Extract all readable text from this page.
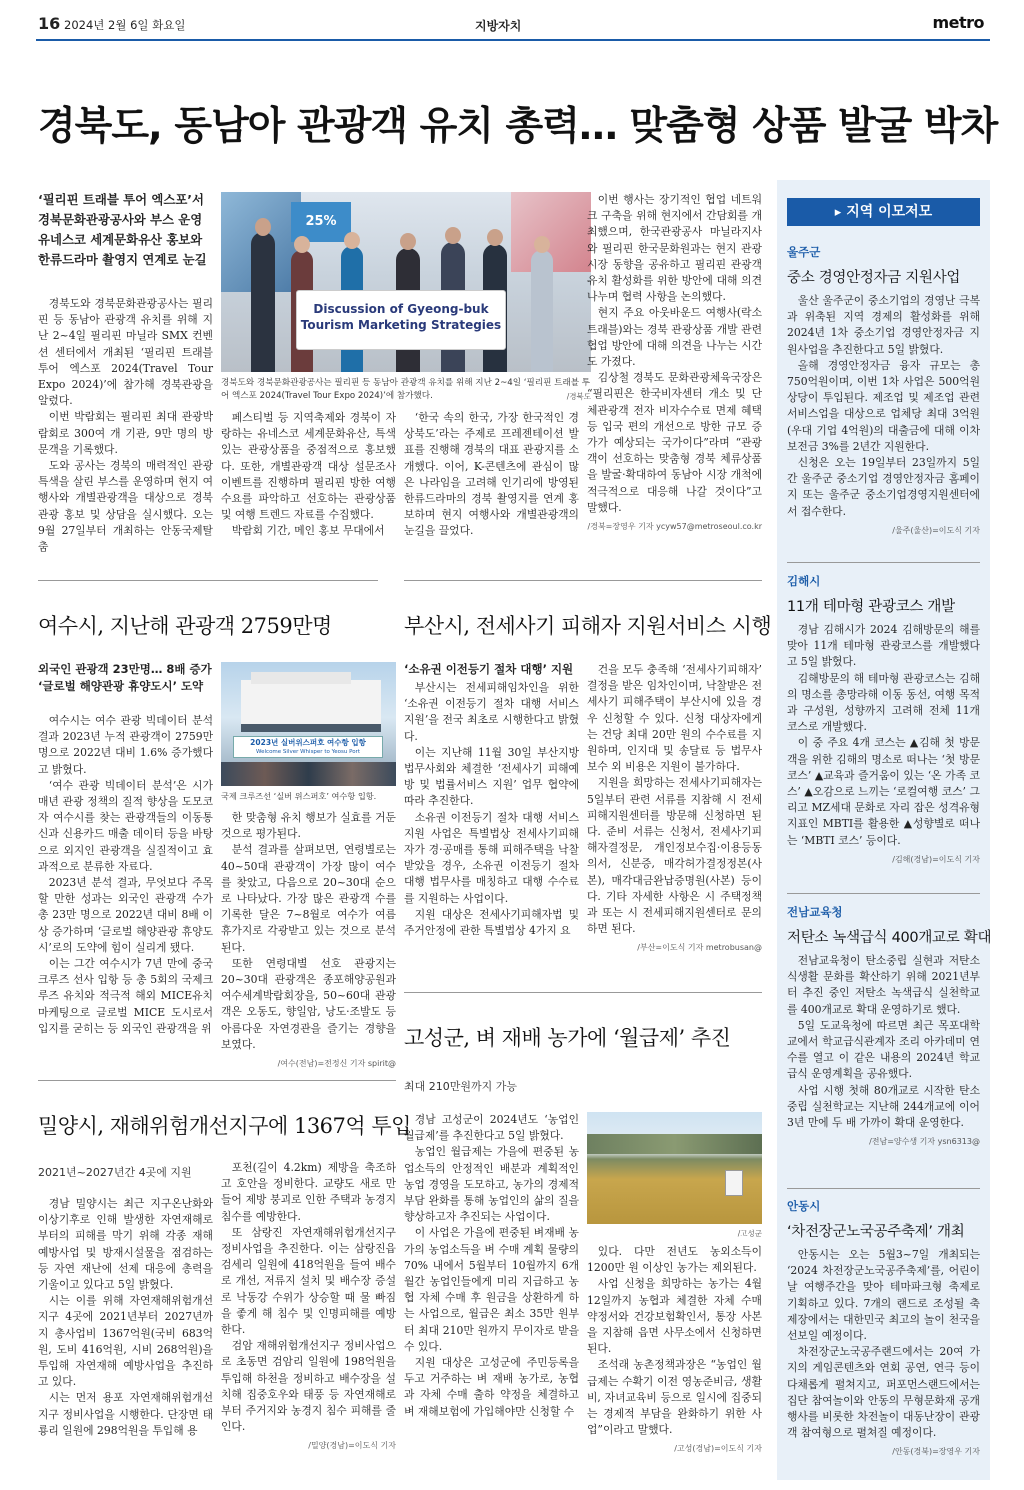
16 2024년 2월 6일 화요일	지방자치	metro
경북도, 동남아 관광객 유치 총력… 맞춤형 상품 발굴 박차
‘필리핀 트래블 투어 엑스포’서
경북문화관광공사와 부스 운영
유네스코 세계문화유산 홍보와
한류드라마 촬영지 연계로 눈길
25%
Discussion of Gyeong-buk
Tourism Marketing Strategies
경북도와 경북문화관광공사는 필리핀 등 동남아 관광객 유치를 위해 지난 2~4일 ‘필리핀 트래블 투어 엑스포 2024(Travel Tour Expo 2024)’에 참가했다.	/경북도

경북도와 경북문화관광공사는 필리핀 등 동남아 관광객 유치를 위해 지난 2~4일 필리핀 마닐라 SMX 컨벤션 센터에서 개최된 ‘필리핀 트래블 투어 엑스포 2024(Travel Tour Expo 2024)’에 참가해 경북관광을 알렸다.

이번 박람회는 필리핀 최대 관광박람회로 300여 개 기관, 9만 명의 방문객을 기록했다.

도와 공사는 경북의 매력적인 관광특색을 살린 부스를 운영하며 현지 여행사와 개별관광객을 대상으로 경북관광 홍보 및 상담을 실시했다. 오는 9월 27일부터 개최하는 안동국제탈춤

페스티벌 등 지역축제와 경북이 자랑하는 유네스코 세계문화유산, 특색있는 관광상품을 중점적으로 홍보했다. 또한, 개별관광객 대상 설문조사 이벤트를 진행하며 필리핀 방한 여행 수요를 파악하고 선호하는 관광상품 및 여행 트렌드 자료를 수집했다.

박람회 기간, 메인 홍보 무대에서

‘한국 속의 한국, 가장 한국적인 경상북도’라는 주제로 프레젠테이션 발표를 진행해 경북의 대표 관광지를 소개했다. 이어, K-콘텐츠에 관심이 많은 나라임을 고려해 인기리에 방영된 한류드라마의 경북 촬영지를 연계 홍보하며 현지 여행사와 개별관광객의 눈길을 끌었다.

이번 행사는 장기적인 협업 네트워크 구축을 위해 현지에서 간담회를 개최했으며, 한국관광공사 마닐라지사와 필리핀 한국문화원과는 현지 관광시장 동향을 공유하고 필리핀 관광객 유치 활성화를 위한 방안에 대해 의견 나누며 협력 사항을 논의했다.

현지 주요 아웃바운드 여행사(락소 트래블)와는 경북 관광상품 개발 관련 협업 방안에 대해 의견을 나누는 시간도 가졌다.

김상철 경북도 문화관광체육국장은 “필리핀은 한국비자센터 개소 및 단체관광객 전자 비자수수료 면제 혜택 등 입국 편의 개선으로 방한 규모 증가가 예상되는 국가이다”라며 “관광객이 선호하는 맞춤형 경북 체류상품을 발굴·확대하여 동남아 시장 개척에 적극적으로 대응해 나갈 것이다”고 말했다.

/경북=장영우 기자 ycyw57@metroseoul.co.kr

여수시, 지난해 관광객 2759만명
외국인 관광객 23만명… 8배 증가
‘글로벌 해양관광 휴양도시’ 도약

여수시는 여수 관광 빅데이터 분석 결과 2023년 누적 관광객이 2759만 명으로 2022년 대비 1.6% 증가했다고 밝혔다.

‘여수 관광 빅데이터 분석’은 시가 매년 관광 정책의 질적 향상을 도모코자 여수시를 찾는 관광객들의 이동통신과 신용카드 매출 데이터 등을 바탕으로 외지인 관광객을 실질적이고 효과적으로 분류한 자료다.

2023년 분석 결과, 무엇보다 주목할 만한 성과는 외국인 관광객 수가 총 23만 명으로 2022년 대비 8배 이상 증가하며 ‘글로벌 해양관광 휴양도시’로의 도약에 힘이 실리게 됐다.

이는 그간 여수시가 7년 만에 중국 크루즈 선사 입항 등 총 5회의 국제크루즈 유치와 적극적 해외 MICE유치 마케팅으로 글로벌 MICE 도시로서 입지를 굳히는 등 외국인 관광객을 위

2023년 실버위스퍼호 여수항 입항
Welcome Silver Whisper to Yeosu Port
국제 크루즈선 ‘실버 위스퍼호’ 여수항 입항.

한 맞춤형 유치 행보가 실효를 거둔 것으로 평가된다.

분석 결과를 살펴보면, 연령별로는 40~50대 관광객이 가장 많이 여수를 찾았고, 다음으로 20~30대 순으로 나타났다. 가장 많은 관광객 수를 기록한 달은 7~8월로 여수가 여름 휴가지로 각광받고 있는 것으로 분석된다.

또한 연령대별 선호 관광지는 20~30대 관광객은 종포해양공원과 여수세계박람회장을, 50~60대 관광객은 오동도, 향일암, 낭도·조발도 등 아름다운 자연경관을 즐기는 경향을 보였다.

/여수(전남)=전정신 기자 spirit@

부산시, 전세사기 피해자 지원서비스 시행
‘소유권 이전등기 절차 대행’ 지원

부산시는 전세피해임차인을 위한 ‘소유권 이전등기 절차 대행 서비스 지원’을 전국 최초로 시행한다고 밝혔다.

이는 지난해 11월 30일 부산지방법무사회와 체결한 ‘전세사기 피해예방 및 법률서비스 지원’ 업무 협약에 따라 추진한다.

소유권 이전등기 절차 대행 서비스 지원 사업은 특별법상 전세사기피해자가 경·공매를 통해 피해주택을 낙찰받았을 경우, 소유권 이전등기 절차 대행 법무사를 매칭하고 대행 수수료를 지원하는 사업이다.

지원 대상은 전세사기피해자법 및 주거안정에 관한 특별법상 4가지 요

건을 모두 충족해 ‘전세사기피해자’ 결정을 받은 임차인이며, 낙찰받은 전세사기 피해주택이 부산시에 있을 경우 신청할 수 있다. 신청 대상자에게는 건당 최대 20만 원의 수수료를 지원하며, 인지대 및 송달료 등 법무사 보수 외 비용은 지원이 불가하다.

지원을 희망하는 전세사기피해자는 5일부터 관련 서류를 지참해 시 전세피해지원센터를 방문해 신청하면 된다. 준비 서류는 신청서, 전세사기피해자결정문, 개인정보수집·이용등동의서, 신분증, 매각허가결정정본(사본), 매각대금완납증명원(사본) 등이다. 기타 자세한 사항은 시 주택정책과 또는 시 전세피해지원센터로 문의하면 된다.

/부산=이도식 기자 metrobusan@

고성군, 벼 재배 농가에 ‘월급제’ 추진
최대 210만원까지 가능

경남 고성군이 2024년도 ‘농업인 월급제’를 추진한다고 5일 밝혔다.

농업인 월급제는 가을에 편중된 농업소득의 안정적인 배분과 계획적인 농업 경영을 도모하고, 농가의 경제적 부담 완화를 통해 농업인의 삶의 질을 향상하고자 추진되는 사업이다.

이 사업은 가을에 편중된 벼재배 농가의 농업소득을 벼 수매 계획 물량의 70% 내에서 5월부터 10월까지 6개월간 농업인들에게 미리 지급하고 농협 자체 수매 후 원금을 상환하게 하는 사업으로, 월급은 최소 35만 원부터 최대 210만 원까지 무이자로 받을 수 있다.

지원 대상은 고성군에 주민등록을 두고 거주하는 벼 재배 농가로, 농협과 자체 수매 출하 약정을 체결하고 벼 재해보험에 가입해야만 신청할 수

/고성군

있다. 다만 전년도 농외소득이 1200만 원 이상인 농가는 제외된다.

사업 신청을 희망하는 농가는 4월 12일까지 농협과 체결한 자체 수매 약정서와 건강보험확인서, 통장 사본을 지참해 읍면 사무소에서 신청하면 된다.

조석래 농촌정책과장은 “농업인 월급제는 수확기 이전 영농준비금, 생활비, 자녀교육비 등으로 일시에 집중되는 경제적 부담을 완화하기 위한 사업”이라고 말했다.

/고성(경남)=이도식 기자

밀양시, 재해위험개선지구에 1367억 투입
2021년~2027년간 4곳에 지원

경남 밀양시는 최근 지구온난화와 이상기후로 인해 발생한 자연재해로부터의 피해를 막기 위해 각종 재해 예방사업 및 방재시설물을 점검하는 등 자연 재난에 선제 대응에 총력을 기울이고 있다고 5일 밝혔다.

시는 이를 위해 자연재해위험개선지구 4곳에 2021년부터 2027년까지 총사업비 1367억원(국비 683억원, 도비 416억원, 시비 268억원)을 투입해 자연재해 예방사업을 추진하고 있다.

시는 먼저 용포 자연재해위험개선지구 정비사업을 시행한다. 단장면 태룡리 일원에 298억원을 투입해 용

포천(길이 4.2km) 제방을 축조하고 호안을 정비한다. 교량도 새로 만들어 제방 붕괴로 인한 주택과 농경지 침수를 예방한다.

또 삼랑진 자연재해위험개선지구 정비사업을 추진한다. 이는 삼랑진읍 검세리 일원에 418억원을 들여 배수로 개선, 저류지 설치 및 배수장 증설로 낙동강 수위가 상승할 때 물 빠짐을 좋게 해 침수 및 인명피해를 예방한다.

검암 재해위험개선지구 정비사업으로 초동면 검암리 일원에 198억원을 투입해 하천을 정비하고 배수장을 설치해 집중호우와 태풍 등 자연재해로부터 주거지와 농경지 침수 피해를 줄인다.

/밀양(경남)=이도식 기자

▸ 지역 이모저모
울주군
중소 경영안정자금 지원사업

울산 울주군이 중소기업의 경영난 극복과 위축된 지역 경제의 활성화를 위해 2024년 1차 중소기업 경영안정자금 지원사업을 추진한다고 5일 밝혔다.

올해 경영안정자금 융자 규모는 총 750억원이며, 이번 1차 사업은 500억원 상당이 투입된다. 제조업 및 제조업 관련 서비스업을 대상으로 업체당 최대 3억원(우대 기업 4억원)의 대출금에 대해 이차보전금 3%를 2년간 지원한다.

신청은 오는 19일부터 23일까지 5일간 울주군 중소기업 경영안정자금 홈페이지 또는 울주군 중소기업경영지원센터에서 접수한다.

/울주(울산)=이도식 기자

김해시
11개 테마형 관광코스 개발

경남 김해시가 2024 김해방문의 해를 맞아 11개 테마형 관광코스를 개발했다고 5일 밝혔다.

김해방문의 해 테마형 관광코스는 김해의 명소를 총망라해 이동 동선, 여행 목적과 구성원, 성향까지 고려해 전체 11개 코스로 개발했다.

이 중 주요 4개 코스는 ▲김해 첫 방문객을 위한 김해의 명소로 떠나는 ‘첫 방문 코스’ ▲교육과 즐거움이 있는 ‘온 가족 코스’ ▲오감으로 느끼는 ‘로컬여행 코스’ 그리고 MZ세대 문화로 자리 잡은 성격유형지표인 MBTI를 활용한 ▲성향별로 떠나는 ‘MBTI 코스’ 등이다.

/김해(경남)=이도식 기자

전남교육청
저탄소 녹색급식 400개교로 확대

전남교육청이 탄소중립 실현과 저탄소 식생활 문화를 확산하기 위해 2021년부터 추진 중인 저탄소 녹색급식 실천학교를 400개교로 확대 운영하기로 했다.

5일 도교육청에 따르면 최근 목포대학교에서 학교급식관계자 조리 아카데미 연수를 열고 이 같은 내용의 2024년 학교급식 운영계획을 공유했다.

사업 시행 첫해 80개교로 시작한 탄소중립 실천학교는 지난해 244개교에 이어 3년 만에 두 배 가까이 확대 운영한다.

/전남=양수생 기자 ysn6313@

안동시
‘차전장군노국공주축제’ 개최

안동시는 오는 5월3~7일 개최되는 ‘2024 차전장군노국공주축제’를, 어린이날 여행주간을 맞아 테마파크형 축제로 기획하고 있다. 7개의 랜드로 조성될 축제장에서는 대한민국 최고의 놀이 천국을 선보일 예정이다.

차전장군노국공주랜드에서는 20여 가지의 게임콘텐츠와 연회 공연, 연극 등이 다채롭게 펼쳐지고, 퍼포먼스랜드에서는 집단 참여놀이와 안동의 무형문화재 공개 행사를 비롯한 차전놀이 대동난장이 관광객 참여형으로 펼쳐질 예정이다.

/안동(경북)=장영우 기자
